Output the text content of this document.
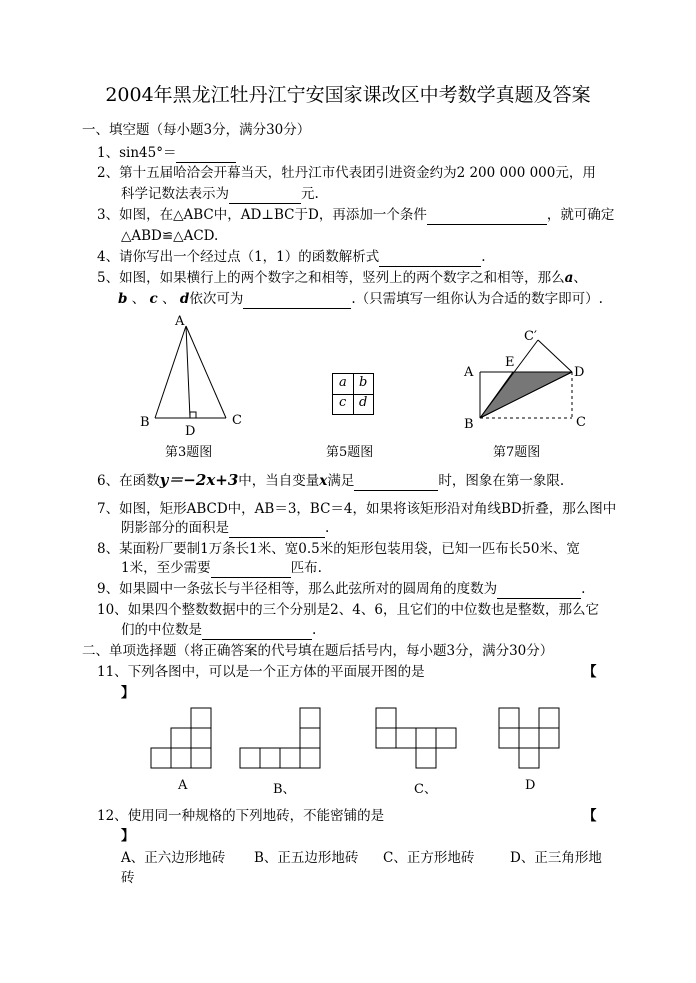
2004年黑龙江牡丹江宁安国家课改区中考数学真题及答案
一、填空题（每小题3分，满分30分）
1、sin45°＝
2、第十五届哈洽会开幕当天，牡丹江市代表团引进资金约为2 200 000 000元，用
科学记数法表示为	元.
3、如图，在△ABC中，AD⊥BC于D，再添加一个条件	，就可确定
△ABD≌△ACD.
4、请你写出一个经过点（1，1）的函数解析式	.
5、如图，如果横行上的两个数字之和相等，竖列上的两个数字之和相等，那么a、
b 、 c 、 d依次可为	.（只需填写一组你认为合适的数字即可）.
A
B	C
D
第3题图
a b
c d
第5题图
A
B	C
C′
D
E
第7题图
6、在函数y＝−2x+3中，当自变量x满足	时，图象在第一象限.
7、如图，矩形ABCD中，AB＝3，BC＝4，如果将该矩形沿对角线BD折叠，那么图中
阴影部分的面积是	.
8、某面粉厂要制1万条长1米、宽0.5米的矩形包装用袋，已知一匹布长50米、宽
1米，至少需要	匹布.
9、如果圆中一条弦长与半径相等，那么此弦所对的圆周角的度数为	.
10、如果四个整数数据中的三个分别是2、4、6，且它们的中位数也是整数，那么它
们的中位数是	.
二、单项选择题（将正确答案的代号填在题后括号内，每小题3分，满分30分）
11、下列各图中，可以是一个正方体的平面展开图的是	【
】
A	B、	C、	D
12、使用同一种规格的下列地砖，不能密铺的是	【
】
A、正六边形地砖 B、正五边形地砖 C、正方形地砖	D、正三角形地
砖
